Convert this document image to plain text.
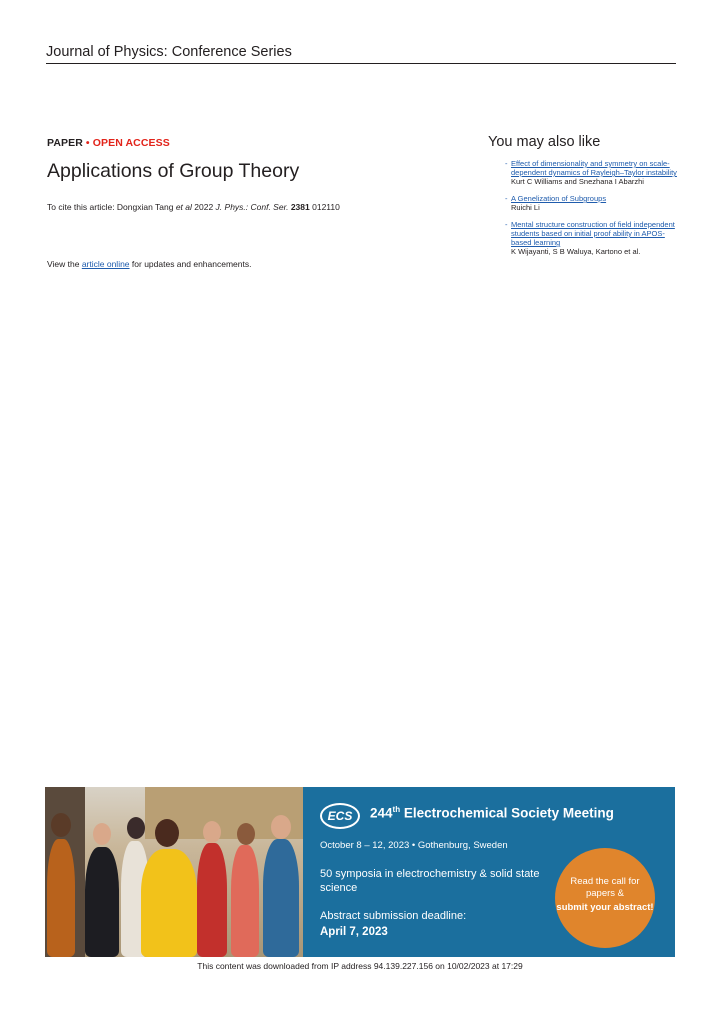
Journal of Physics: Conference Series
PAPER • OPEN ACCESS
Applications of Group Theory
To cite this article: Dongxian Tang et al 2022 J. Phys.: Conf. Ser. 2381 012110
View the article online for updates and enhancements.
You may also like
- Effect of dimensionality and symmetry on scale-dependent dynamics of Rayleigh–Taylor instability
Kurt C Williams and Snezhana I Abarzhi
- A Genelization of Subgroups
Ruichi Li
- Mental structure construction of field independent students based on initial proof ability in APOS-based learning
K Wijayanti, S B Waluya, Kartono et al.
ECS	244th Electrochemical Society Meeting
October 8 – 12, 2023 • Gothenburg, Sweden
50 symposia in electrochemistry & solid state science
Abstract submission deadline:
April 7, 2023
Read the call for papers &
submit your abstract!
This content was downloaded from IP address 94.139.227.156 on 10/02/2023 at 17:29
